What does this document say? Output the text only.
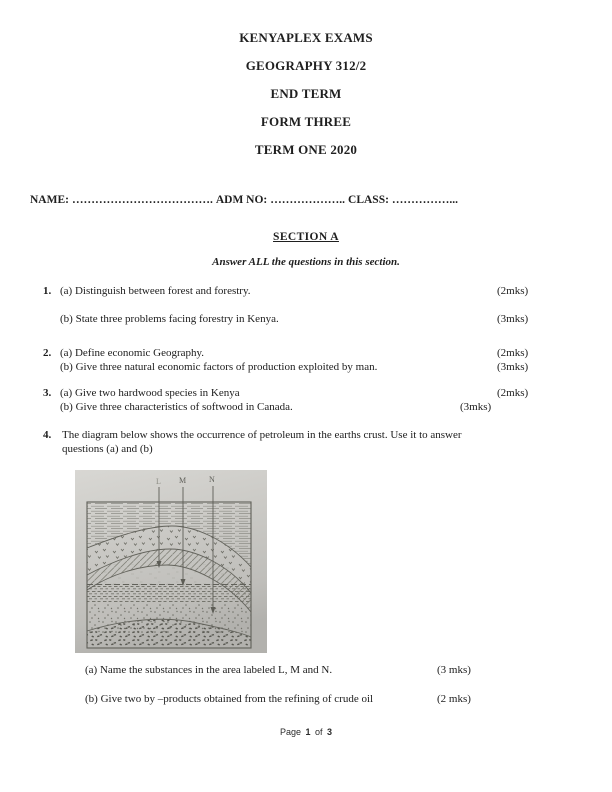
KENYAPLEX EXAMS
GEOGRAPHY 312/2
END TERM
FORM THREE
TERM ONE 2020
NAME: ………………………………. ADM NO: ……………….. CLASS: ……………...
SECTION A
Answer ALL the questions in this section.
1. (a) Distinguish between forest and forestry.	(2mks)
(b) State three problems facing forestry in Kenya.	(3mks)
2. (a) Define economic Geography.	(2mks)
(b) Give three natural economic factors of production exploited by man.	(3mks)
3. (a) Give two hardwood species in Kenya	(2mks)
(b) Give three characteristics of softwood in Canada.	(3mks)
4. The diagram below shows the occurrence of petroleum in the earths crust. Use it to answer
questions (a) and (b)
L M	N
(a) Name the substances in the area labeled L, M and N.	(3 mks)
(b) Give two by –products obtained from the refining of crude oil	(2 mks)
Page 1 of 3
